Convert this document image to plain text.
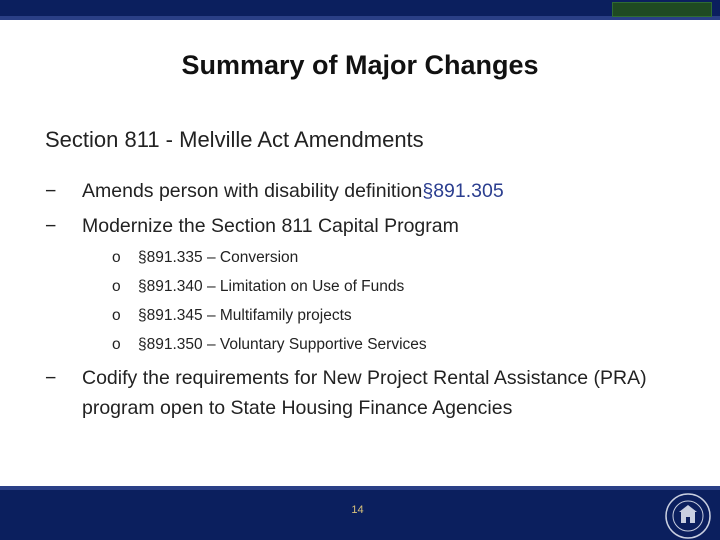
Summary of Major Changes
Section 811 - Melville Act Amendments
−	Amends person with disability definition§891.305
−	Modernize the Section 811 Capital Program
o §891.335 – Conversion
o §891.340 – Limitation on Use of Funds
o §891.345 – Multifamily projects
o §891.350 – Voluntary Supportive Services
−	Codify the requirements for New Project Rental Assistance (PRA) program open to State Housing Finance Agencies
14
